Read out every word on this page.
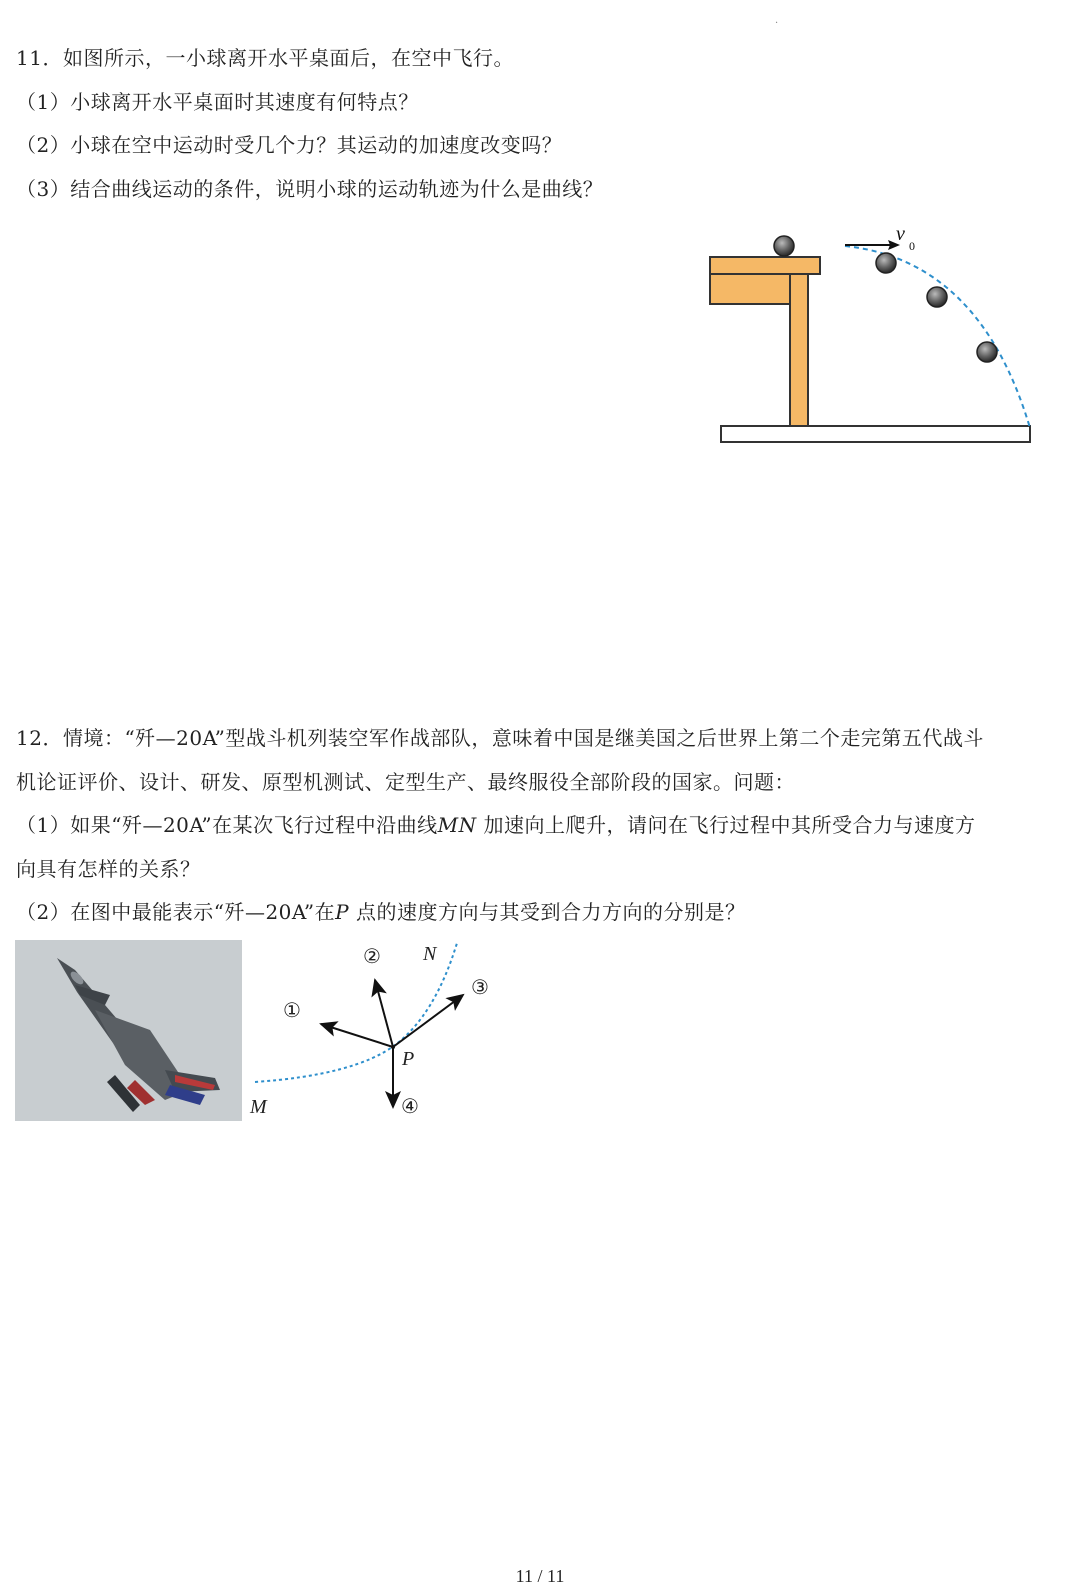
·
11．如图所示，一小球离开水平桌面后，在空中飞行。
（1）小球离开水平桌面时其速度有何特点？
（2）小球在空中运动时受几个力？其运动的加速度改变吗？
（3）结合曲线运动的条件，说明小球的运动轨迹为什么是曲线？
v
0
12．情境：“歼—20A”型战斗机列装空军作战部队，意味着中国是继美国之后世界上第二个走完第五代战斗
机论证评价、设计、研发、原型机测试、定型生产、最终服役全部阶段的国家。问题：
（1）如果“歼—20A”在某次飞行过程中沿曲线MN 加速向上爬升，请问在飞行过程中其所受合力与速度方
向具有怎样的关系？
（2）在图中最能表示“歼—20A”在P 点的速度方向与其受到合力方向的分别是？
N
P
M
①
②
③
④
11 / 11
